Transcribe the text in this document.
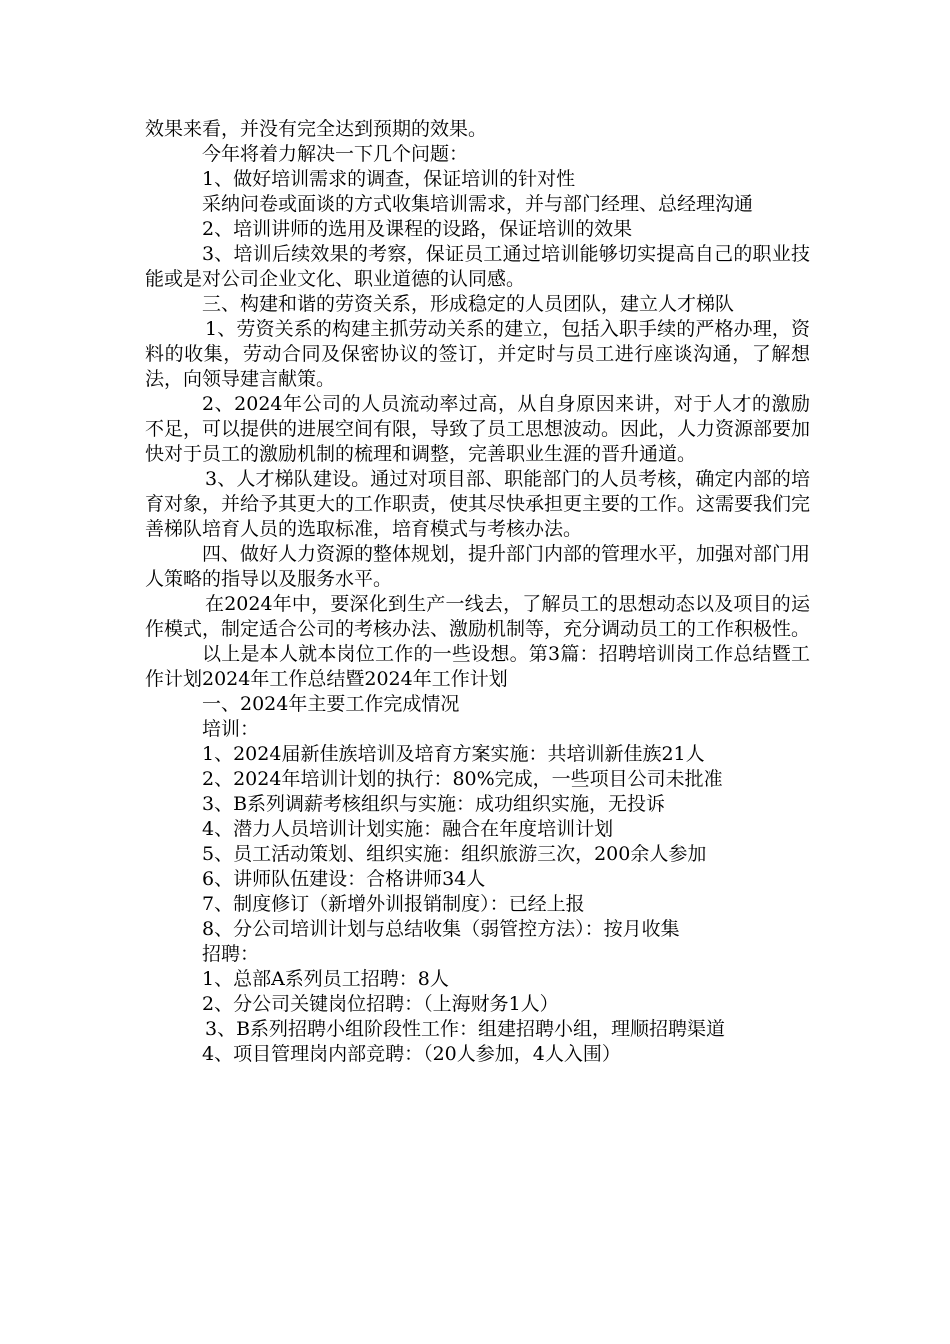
效果来看，并没有完全达到预期的效果。

今年将着力解决一下几个问题：

1、做好培训需求的调查，保证培训的针对性

采纳问卷或面谈的方式收集培训需求，并与部门经理、总经理沟通

2、培训讲师的选用及课程的设路，保证培训的效果

3、培训后续效果的考察，保证员工通过培训能够切实提高自己的职业技能或是对公司企业文化、职业道德的认同感。

三、构建和谐的劳资关系，形成稳定的人员团队，建立人才梯队

1、劳资关系的构建主抓劳动关系的建立，包括入职手续的严格办理，资料的收集，劳动合同及保密协议的签订，并定时与员工进行座谈沟通，了解想法，向领导建言献策。

2、2024年公司的人员流动率过高，从自身原因来讲，对于人才的激励不足，可以提供的进展空间有限，导致了员工思想波动。因此，人力资源部要加快对于员工的激励机制的梳理和调整，完善职业生涯的晋升通道。

3、人才梯队建设。通过对项目部、职能部门的人员考核，确定内部的培育对象，并给予其更大的工作职责，使其尽快承担更主要的工作。这需要我们完善梯队培育人员的选取标准，培育模式与考核办法。

四、做好人力资源的整体规划，提升部门内部的管理水平，加强对部门用人策略的指导以及服务水平。

在2024年中，要深化到生产一线去，了解员工的思想动态以及项目的运作模式，制定适合公司的考核办法、激励机制等，充分调动员工的工作积极性。

以上是本人就本岗位工作的一些设想。第3篇：招聘培训岗工作总结暨工作计划2024年工作总结暨2024年工作计划

一、2024年主要工作完成情况

培训：

1、2024届新佳族培训及培育方案实施：共培训新佳族21人

2、2024年培训计划的执行：80%完成，一些项目公司未批准

3、B系列调薪考核组织与实施：成功组织实施，无投诉

4、潜力人员培训计划实施：融合在年度培训计划

5、员工活动策划、组织实施：组织旅游三次，200余人参加

6、讲师队伍建设：合格讲师34人

7、制度修订（新增外训报销制度）：已经上报

8、分公司培训计划与总结收集（弱管控方法）：按月收集

招聘：

1、总部A系列员工招聘：8人

2、分公司关键岗位招聘：（上海财务1人）

3、B系列招聘小组阶段性工作：组建招聘小组，理顺招聘渠道

4、项目管理岗内部竞聘：（20人参加，4人入围）
